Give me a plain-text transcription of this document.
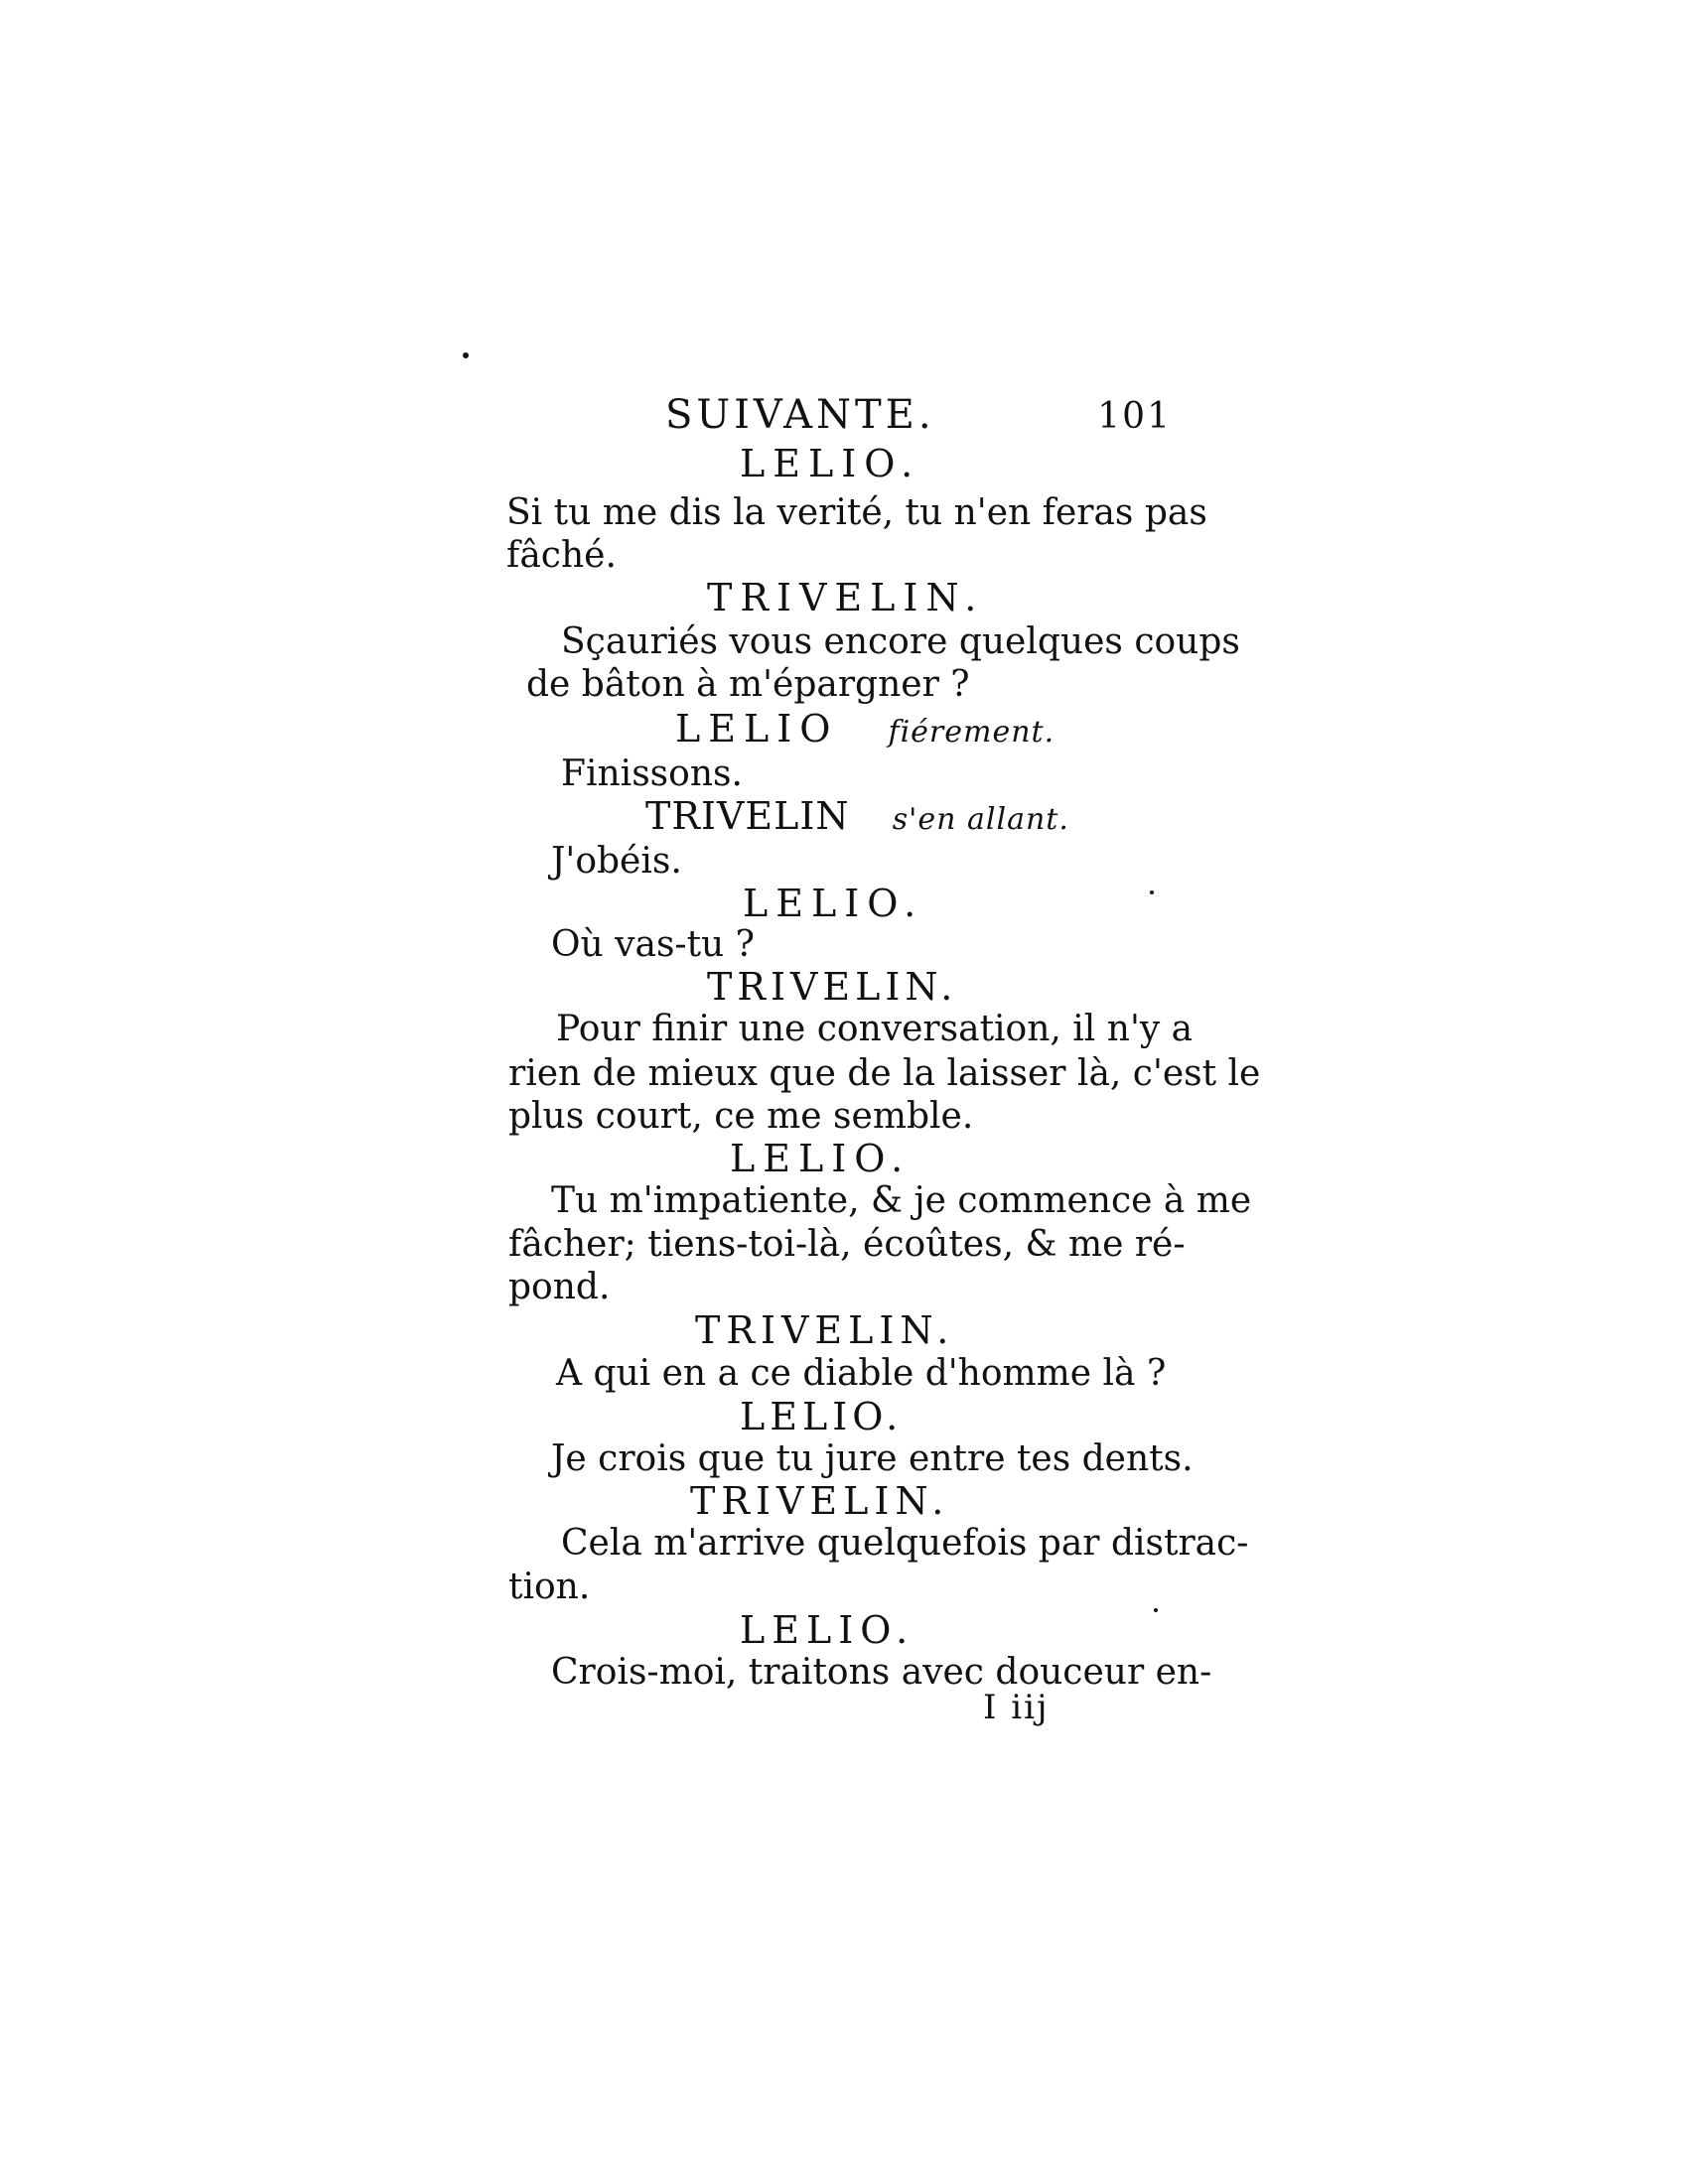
SUIVANTE.	101
LELIO.
Si tu me dis la verité, tu n'en feras pas
fâché.
TRIVELIN.
Sçauriés vous encore quelques coups
de bâton à m'épargner ?
LELIO fiérement.
Finissons.
TRIVELIN s'en allant.
J'obéis.
LELIO.
Où vas-tu ?
TRIVELIN.
Pour finir une conversation, il n'y a
rien de mieux que de la laisser là, c'est le
plus court, ce me semble.
LELIO.
Tu m'impatiente, & je commence à me
fâcher; tiens-toi-là, écoûtes, & me ré-
pond.
TRIVELIN.
A qui en a ce diable d'homme là ?
LELIO.
Je crois que tu jure entre tes dents.
TRIVELIN.
Cela m'arrive quelquefois par distrac-
tion.
LELIO.
Crois-moi, traitons avec douceur en-
I iij
